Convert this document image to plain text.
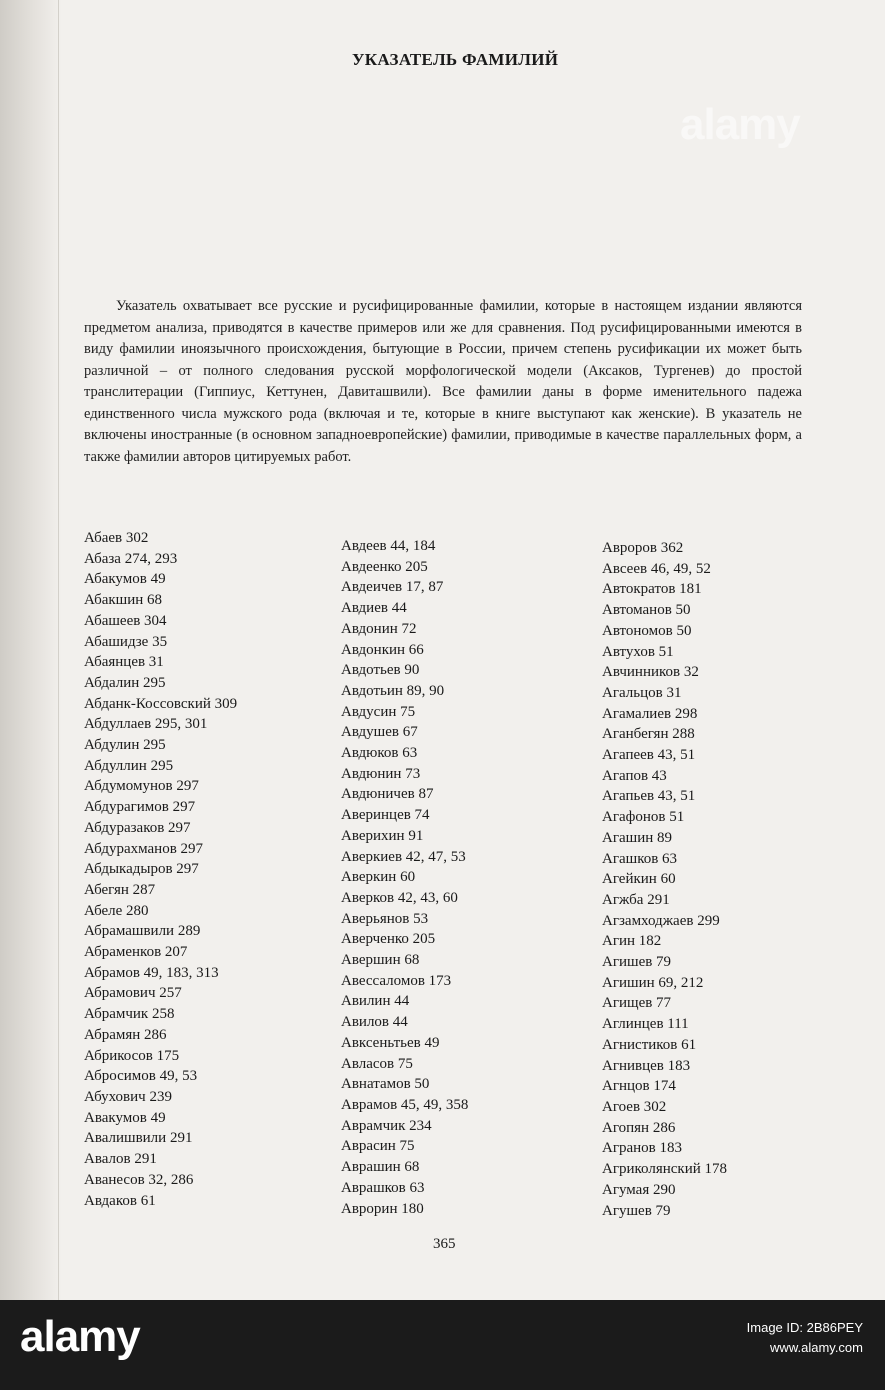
УКАЗАТЕЛЬ ФАМИЛИЙ

Указатель охватывает все русские и русифицированные фамилии, которые в настоящем издании являются предметом анализа, приводятся в качестве примеров или же для сравнения. Под русифицированными имеются в виду фамилии иноязычного происхождения, бытующие в России, причем степень русификации их может быть различной – от полного следования русской морфологической модели (Аксаков, Тургенев) до простой транслитерации (Гиппиус, Кеттунен, Давиташвили). Все фамилии даны в форме именительного падежа единственного числа мужского рода (включая и те, которые в книге выступают как женские). В указатель не включены иностранные (в основном западноевропейские) фамилии, приводимые в качестве параллельных форм, а также фамилии авторов цитируемых работ.

Абаев 302
Абаза 274, 293
Абакумов 49
Абакшин 68
Абашеев 304
Абашидзе 35
Абаянцев 31
Абдалин 295
Абданк-Коссовский 309
Абдуллаев 295, 301
Абдулин 295
Абдуллин 295
Абдумомунов 297
Абдурагимов 297
Абдуразаков 297
Абдурахманов 297
Абдыкадыров 297
Абегян 287
Абеле 280
Абрамашвили 289
Абраменков 207
Абрамов 49, 183, 313
Абрамович 257
Абрамчик 258
Абрамян 286
Абрикосов 175
Абросимов 49, 53
Абухович 239
Авакумов 49
Авалишвили 291
Авалов 291
Аванесов 32, 286
Авдаков 61
Авдеев 44, 184
Авдеенко 205
Авдеичев 17, 87
Авдиев 44
Авдонин 72
Авдонкин 66
Авдотьев 90
Авдотьин 89, 90
Авдусин 75
Авдушев 67
Авдюков 63
Авдюнин 73
Авдюничев 87
Аверинцев 74
Аверихин 91
Аверкиев 42, 47, 53
Аверкин 60
Аверков 42, 43, 60
Аверьянов 53
Аверченко 205
Авершин 68
Авессаломов 173
Авилин 44
Авилов 44
Авксеньтьев 49
Авласов 75
Авнатамов 50
Аврамов 45, 49, 358
Аврамчик 234
Аврасин 75
Аврашин 68
Аврашков 63
Аврорин 180
Авроров 362
Авсеев 46, 49, 52
Автократов 181
Автоманов 50
Автономов 50
Автухов 51
Авчинников 32
Агальцов 31
Агамалиев 298
Аганбегян 288
Агапеев 43, 51
Агапов 43
Агапьев 43, 51
Агафонов 51
Агашин 89
Агашков 63
Агейкин 60
Агжба 291
Агзамходжаев 299
Агин 182
Агишев 79
Агишин 69, 212
Агищев 77
Аглинцев 111
Агнистиков 61
Агнивцев 183
Агнцов 174
Агоев 302
Агопян 286
Агранов 183
Агриколянский 178
Агумая 290
Агушев 79
365
alamy
alamy	Image ID: 2B86PEY
www.alamy.com
